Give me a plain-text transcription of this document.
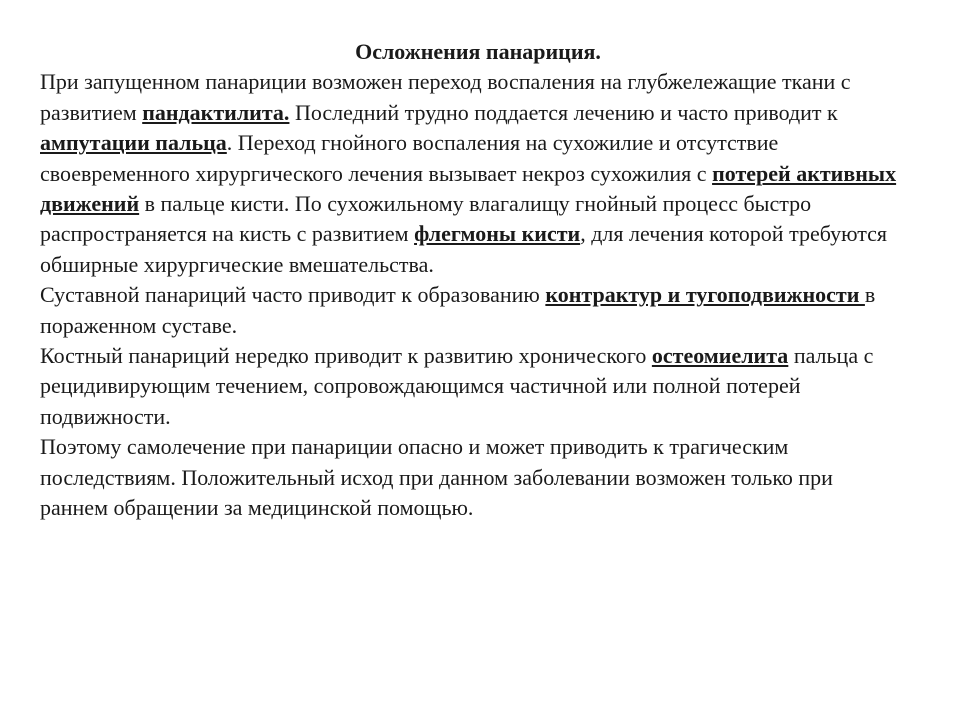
Осложнения панариция.

При запущенном панариции возможен переход воспаления на глубжележащие ткани с развитием пандактилита. Последний трудно поддается лечению и часто приводит к ампутации пальца. Переход гнойного воспаления на сухожилие и отсутствие своевременного хирургического лечения вызывает некроз сухожилия с потерей активных движений в пальце кисти. По сухожильному влагалищу гнойный процесс быстро распространяется на кисть с развитием флегмоны кисти, для лечения которой требуются обширные хирургические вмешательства.

Суставной панариций часто приводит к образованию контрактур и тугоподвижности в пораженном суставе.

Костный панариций нередко приводит к развитию хронического остеомиелита пальца с рецидивирующим течением, сопровождающимся частичной или полной потерей подвижности.

Поэтому самолечение при панариции опасно и может приводить к трагическим последствиям. Положительный исход при данном заболевании возможен только при раннем обращении за медицинской помощью.
